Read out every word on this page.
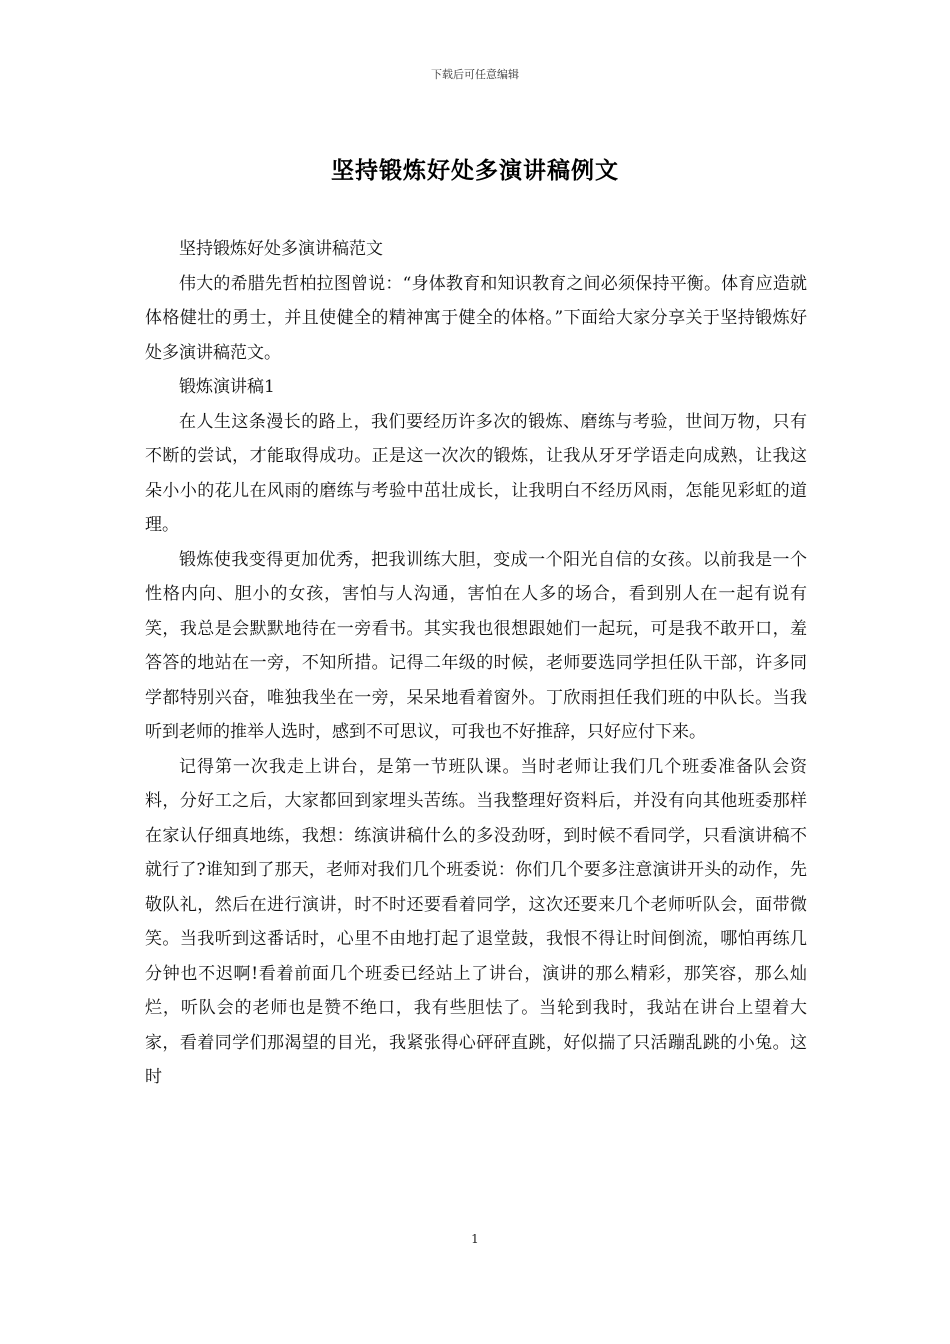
下载后可任意编辑
坚持锻炼好处多演讲稿例文

坚持锻炼好处多演讲稿范文

伟大的希腊先哲柏拉图曾说：“身体教育和知识教育之间必须保持平衡。体育应造就体格健壮的勇士，并且使健全的精神寓于健全的体格。”下面给大家分享关于坚持锻炼好处多演讲稿范文。

锻炼演讲稿1

在人生这条漫长的路上，我们要经历许多次的锻炼、磨练与考验，世间万物，只有不断的尝试，才能取得成功。正是这一次次的锻炼，让我从牙牙学语走向成熟，让我这朵小小的花儿在风雨的磨练与考验中茁壮成长，让我明白不经历风雨，怎能见彩虹的道理。

锻炼使我变得更加优秀，把我训练大胆，变成一个阳光自信的女孩。以前我是一个性格内向、胆小的女孩，害怕与人沟通，害怕在人多的场合，看到别人在一起有说有笑，我总是会默默地待在一旁看书。其实我也很想跟她们一起玩，可是我不敢开口，羞答答的地站在一旁，不知所措。记得二年级的时候，老师要选同学担任队干部，许多同学都特别兴奋，唯独我坐在一旁，呆呆地看着窗外。丁欣雨担任我们班的中队长。当我听到老师的推举人选时，感到不可思议，可我也不好推辞，只好应付下来。

记得第一次我走上讲台，是第一节班队课。当时老师让我们几个班委准备队会资料，分好工之后，大家都回到家埋头苦练。当我整理好资料后，并没有向其他班委那样在家认仔细真地练，我想：练演讲稿什么的多没劲呀，到时候不看同学，只看演讲稿不就行了?谁知到了那天，老师对我们几个班委说：你们几个要多注意演讲开头的动作，先敬队礼，然后在进行演讲，时不时还要看着同学，这次还要来几个老师听队会，面带微笑。当我听到这番话时，心里不由地打起了退堂鼓，我恨不得让时间倒流，哪怕再练几分钟也不迟啊!看着前面几个班委已经站上了讲台，演讲的那么精彩，那笑容，那么灿烂，听队会的老师也是赞不绝口，我有些胆怯了。当轮到我时，我站在讲台上望着大家，看着同学们那渴望的目光，我紧张得心砰砰直跳，好似揣了只活蹦乱跳的小兔。这时

1
